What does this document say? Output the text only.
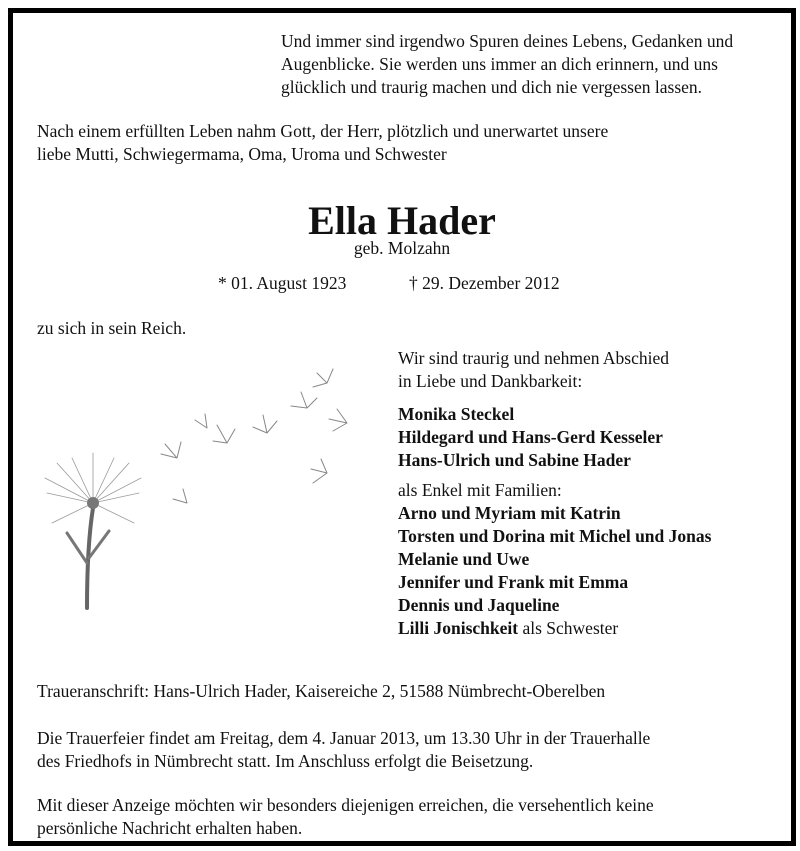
Und immer sind irgendwo Spuren deines Lebens, Gedanken und
Augenblicke. Sie werden uns immer an dich erinnern, und uns
glücklich und traurig machen und dich nie vergessen lassen.
Nach einem erfüllten Leben nahm Gott, der Herr, plötzlich und unerwartet unsere
liebe Mutti, Schwiegermama, Oma, Uroma und Schwester
Ella Hader
geb. Molzahn
* 01. August 1923	† 29. Dezember 2012
zu sich in sein Reich.
Wir sind traurig und nehmen Abschied
in Liebe und Dankbarkeit:
Monika Steckel
Hildegard und Hans-Gerd Kesseler
Hans-Ulrich und Sabine Hader
als Enkel mit Familien:
Arno und Myriam mit Katrin
Torsten und Dorina mit Michel und Jonas
Melanie und Uwe
Jennifer und Frank mit Emma
Dennis und Jaqueline
Lilli Jonischkeit als Schwester
Traueranschrift: Hans-Ulrich Hader, Kaisereiche 2, 51588 Nümbrecht-Oberelben
Die Trauerfeier findet am Freitag, dem 4. Januar 2013, um 13.30 Uhr in der Trauerhalle
des Friedhofs in Nümbrecht statt. Im Anschluss erfolgt die Beisetzung.
Mit dieser Anzeige möchten wir besonders diejenigen erreichen, die versehentlich keine
persönliche Nachricht erhalten haben.
